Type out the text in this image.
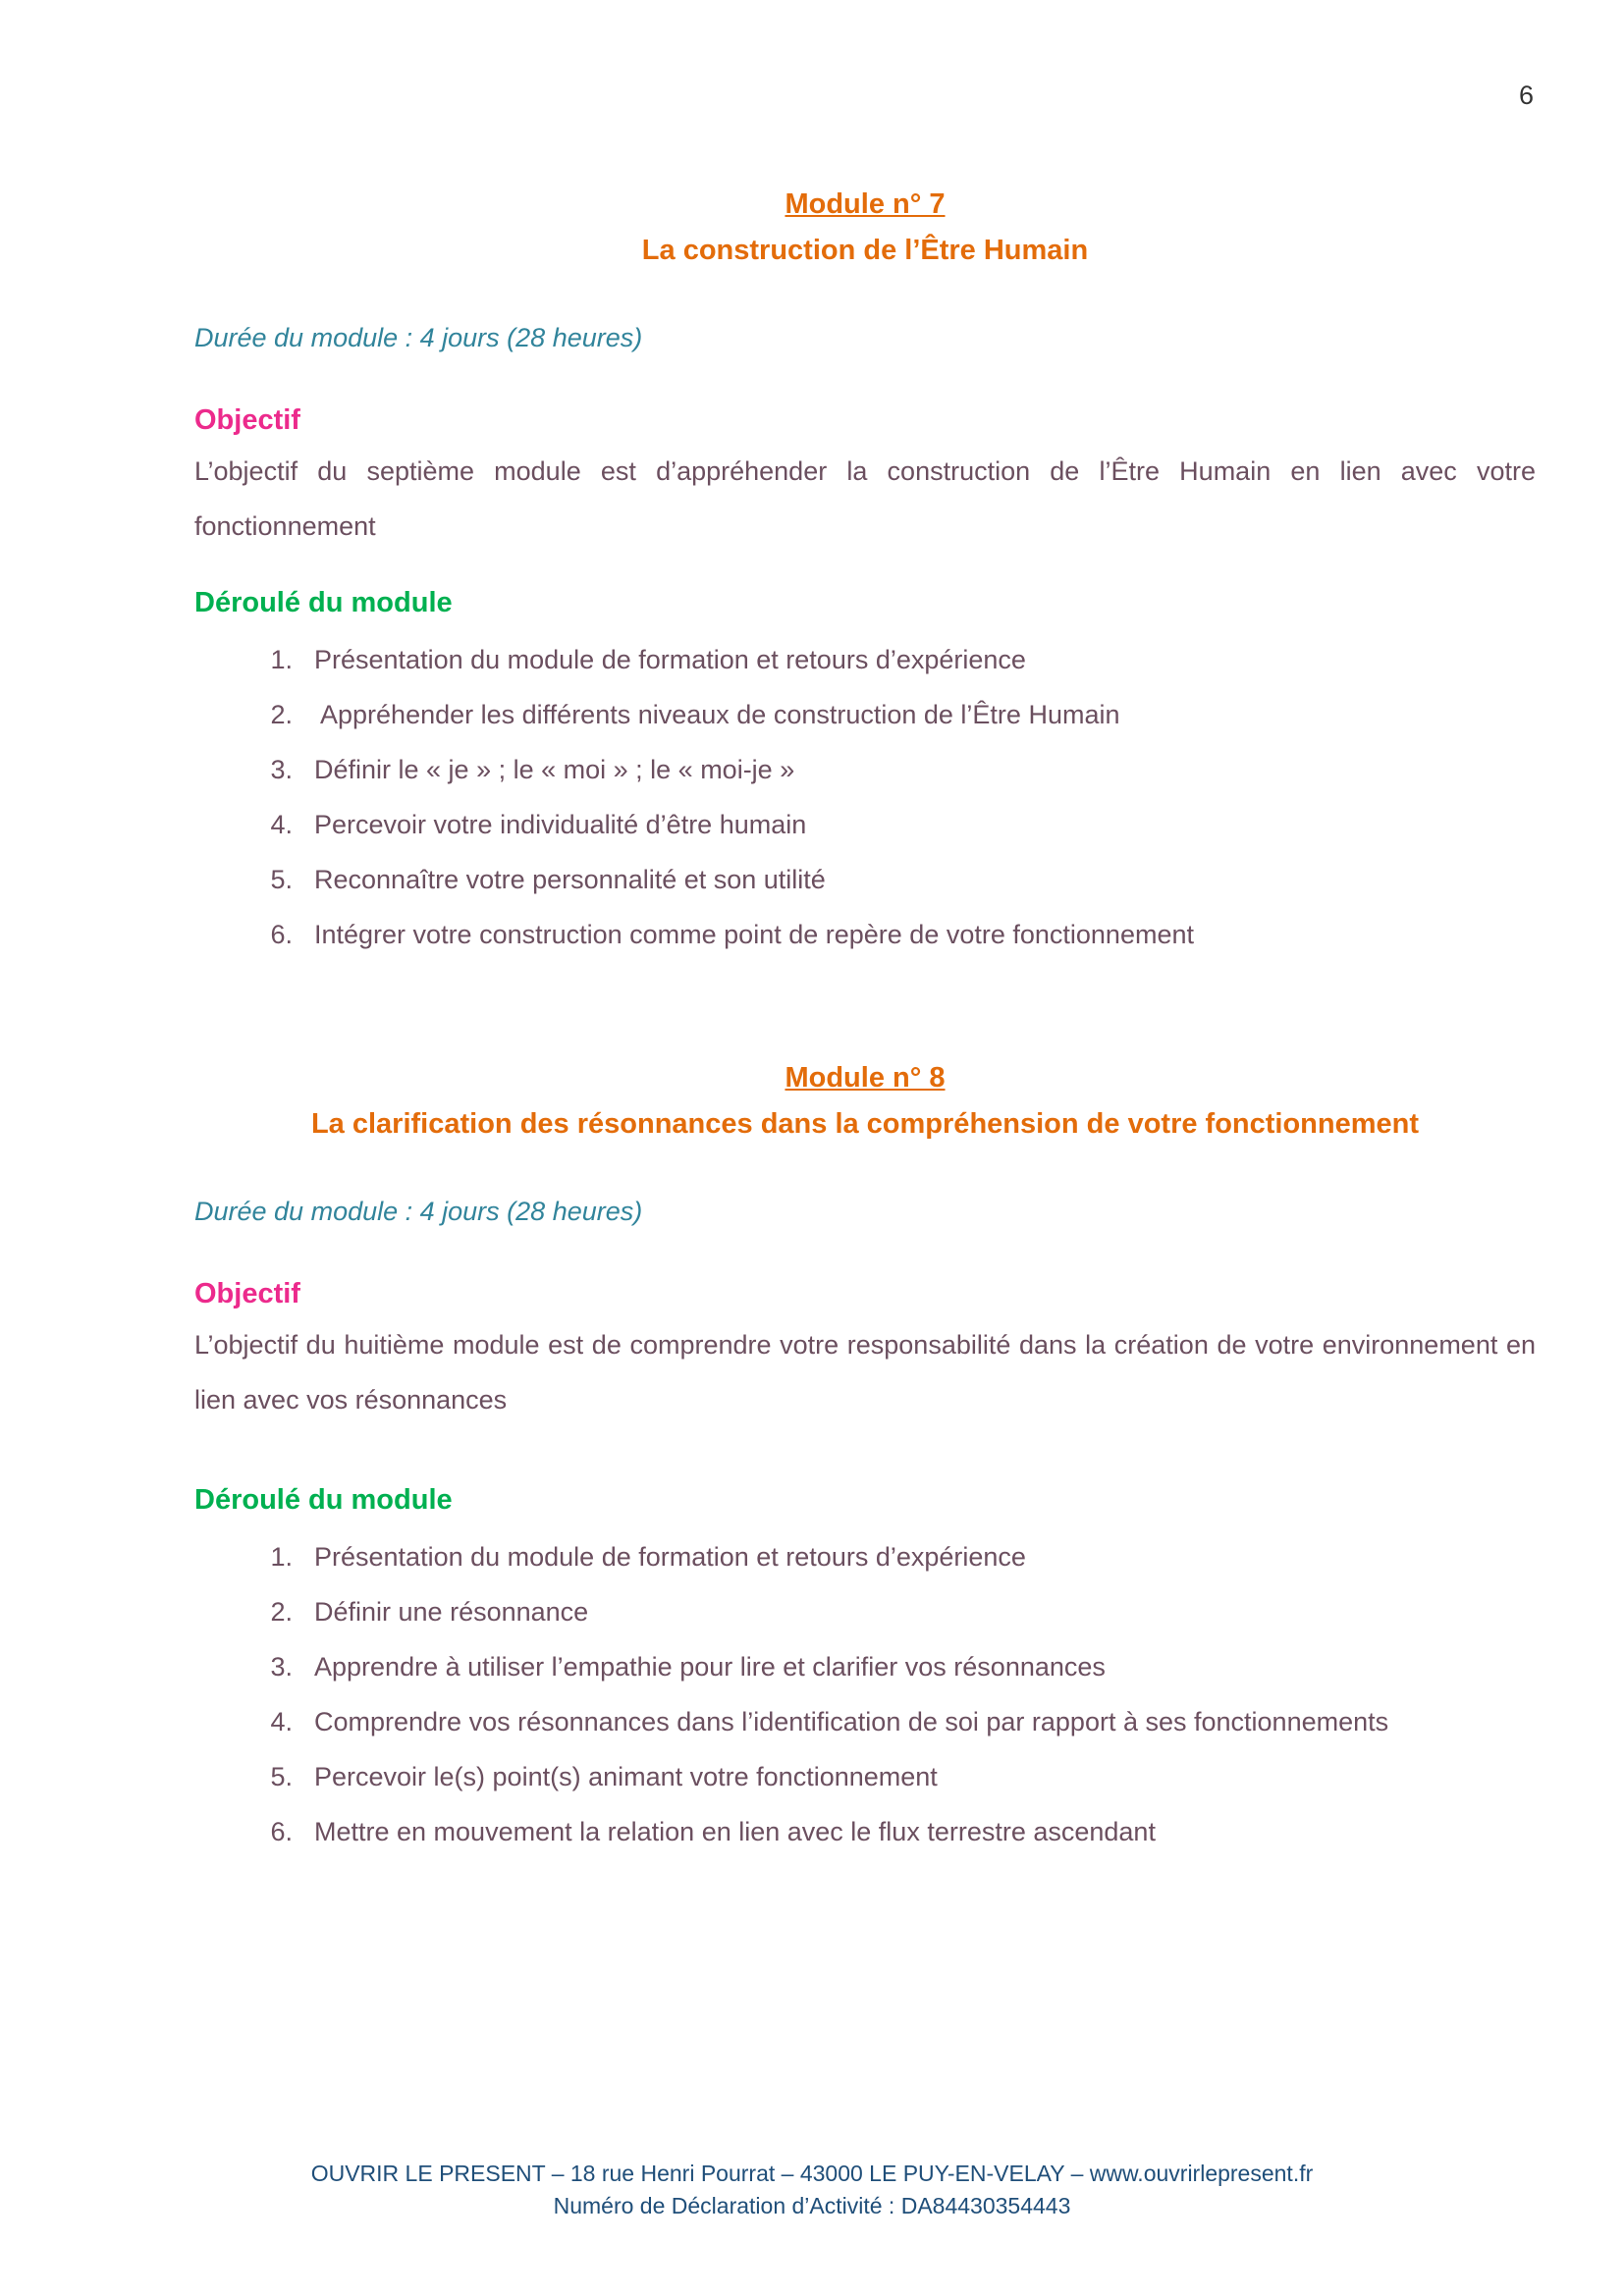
6
Module n° 7
La construction de l’Être Humain
Durée du module : 4 jours (28 heures)
Objectif
L’objectif du septième module est d’appréhender la construction de l’Être Humain en lien avec votre fonctionnement
Déroulé du module
1. Présentation du module de formation et retours d’expérience
2. Appréhender les différents niveaux de construction de l’Être Humain
3. Définir le « je » ; le « moi » ; le « moi-je »
4. Percevoir votre individualité d’être humain
5. Reconnaître votre personnalité et son utilité
6. Intégrer votre construction comme point de repère de votre fonctionnement
Module n° 8
La clarification des résonnances dans la compréhension de votre fonctionnement
Durée du module : 4 jours (28 heures)
Objectif
L’objectif du huitième module est de comprendre votre responsabilité dans la création de votre environnement en lien avec vos résonnances
Déroulé du module
1. Présentation du module de formation et retours d’expérience
2. Définir une résonnance
3. Apprendre à utiliser l’empathie pour lire et clarifier vos résonnances
4. Comprendre vos résonnances dans l’identification de soi par rapport à ses fonctionnements
5. Percevoir le(s) point(s) animant votre fonctionnement
6. Mettre en mouvement la relation en lien avec le flux terrestre ascendant
OUVRIR LE PRESENT – 18 rue Henri Pourrat – 43000 LE PUY-EN-VELAY – www.ouvrirlepresent.fr
Numéro de Déclaration d’Activité : DA84430354443
